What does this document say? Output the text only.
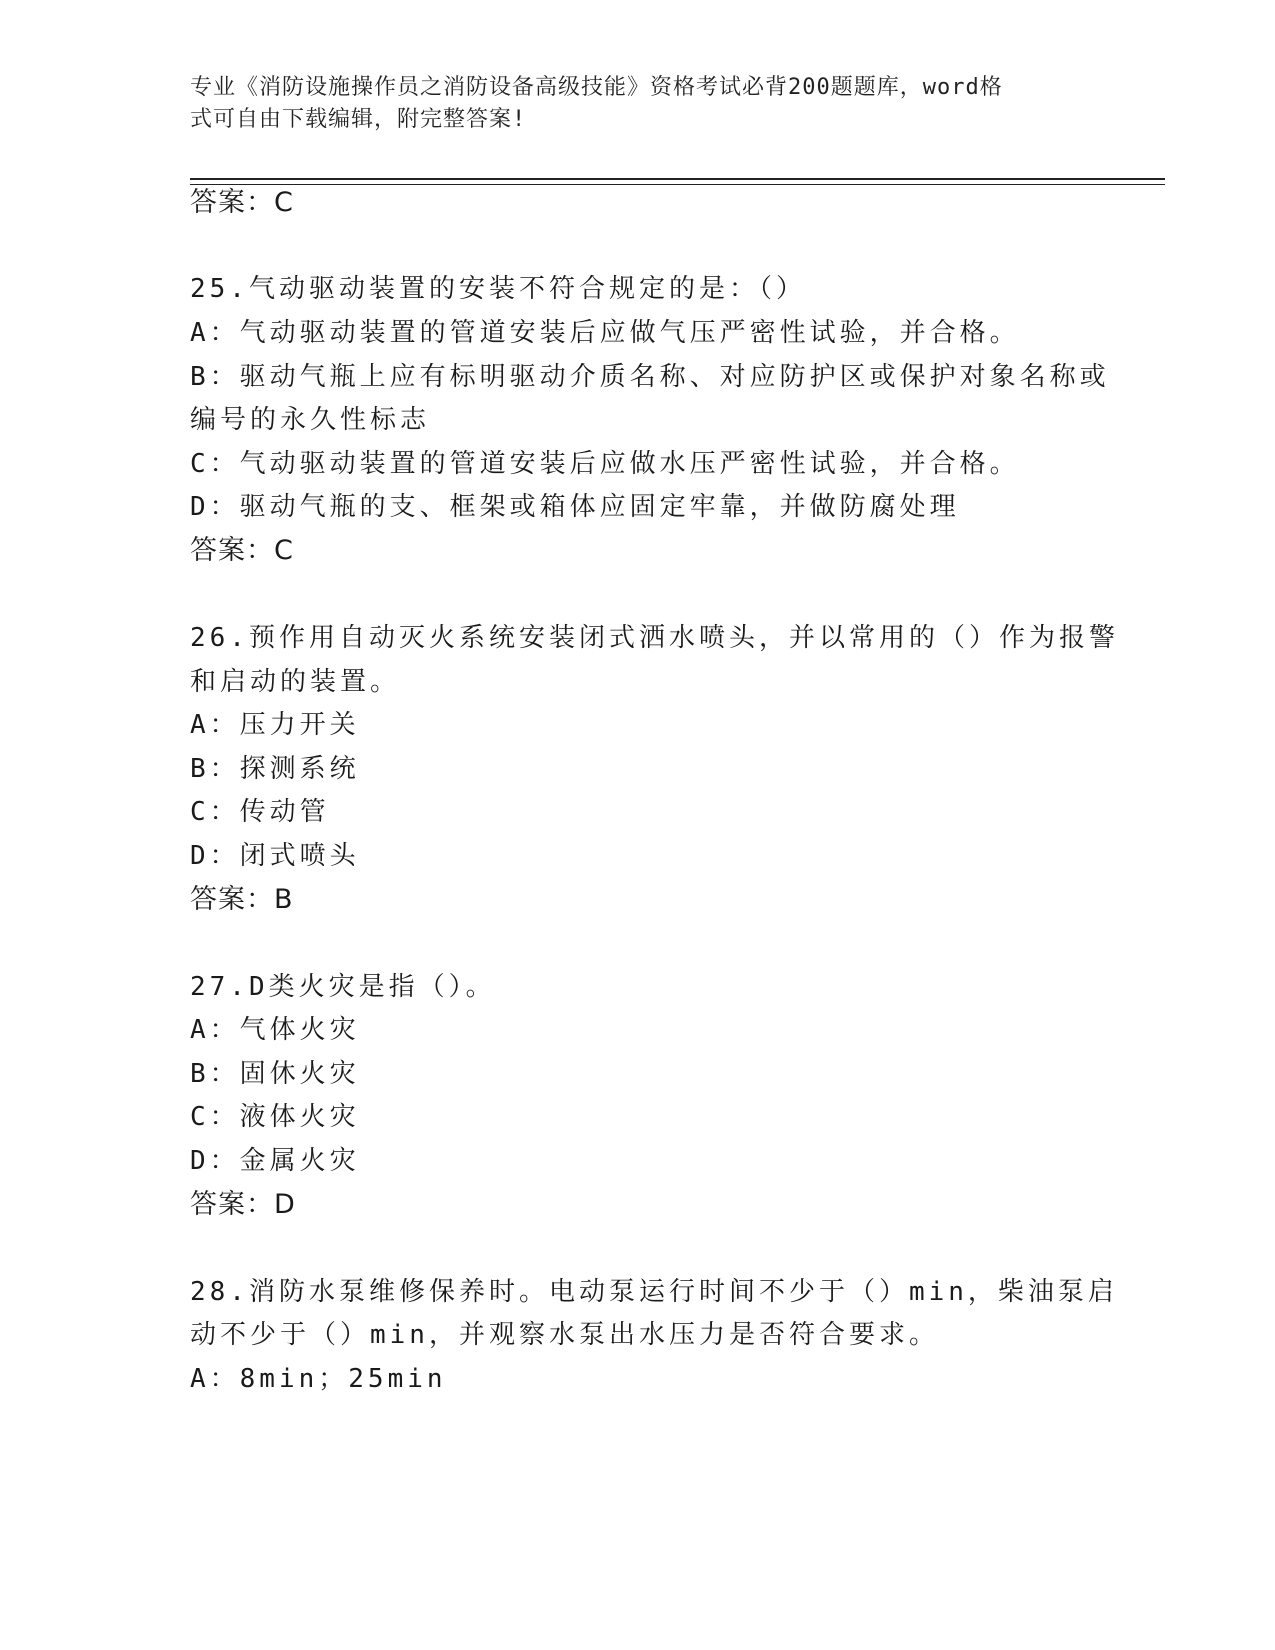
专业《消防设施操作员之消防设备高级技能》资格考试必背200题题库，word格
式可自由下载编辑，附完整答案!
答案：C
25.气动驱动装置的安装不符合规定的是：（）
A：气动驱动装置的管道安装后应做气压严密性试验，并合格。
B：驱动气瓶上应有标明驱动介质名称、对应防护区或保护对象名称或
编号的永久性标志
C：气动驱动装置的管道安装后应做水压严密性试验，并合格。
D：驱动气瓶的支、框架或箱体应固定牢靠，并做防腐处理
答案：C
26.预作用自动灭火系统安装闭式洒水喷头，并以常用的（）作为报警
和启动的装置。
A：压力开关
B：探测系统
C：传动管
D：闭式喷头
答案：B
27.D类火灾是指（）。
A：气体火灾
B：固休火灾
C：液体火灾
D：金属火灾
答案：D
28.消防水泵维修保养时。电动泵运行时间不少于（）min，柴油泵启
动不少于（）min，并观察水泵出水压力是否符合要求。
A：8min；25min
